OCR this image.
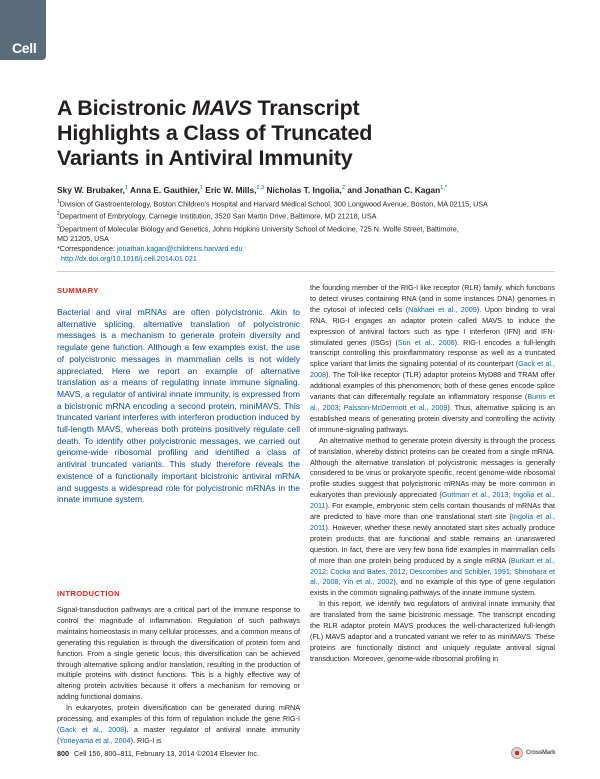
Cell
A Bicistronic MAVS Transcript
Highlights a Class of Truncated
Variants in Antiviral Immunity
Sky W. Brubaker,$^1$ Anna E. Gauthier,$^1$ Eric W. Mills,$^{2,3}$ Nicholas T. Ingolia,$^2$ and Jonathan C. Kagan$^{1,*}$
$^1$Division of Gastroenterology, Boston Children's Hospital and Harvard Medical School, 300 Longwood Avenue, Boston, MA 02115, USA
$^2$Department of Embryology, Carnegie Institution, 3520 San Martin Drive, Baltimore, MD 21218, USA
$^3$Department of Molecular Biology and Genetics, Johns Hopkins University School of Medicine, 725 N. Wolfe Street, Baltimore,
MD 21205, USA
*Correspondence: jonathan.kagan@childrens.harvard.edu
http://dx.doi.org/10.1016/j.cell.2014.01.021
SUMMARY

Bacterial and viral mRNAs are often polycistronic. Akin to alternative splicing, alternative translation of polycistronic messages is a mechanism to generate protein diversity and regulate gene function. Although a few examples exist, the use of polycistronic messages in mammalian cells is not widely appreciated. Here we report an example of alternative translation as a means of regulating innate immune signaling. MAVS, a regulator of antiviral innate immunity, is expressed from a bicistronic mRNA encoding a second protein, miniMAVS. This truncated variant interferes with interferon production induced by full-length MAVS, whereas both proteins positively regulate cell death. To identify other polycistronic messages, we carried out genome-wide ribosomal profiling and identified a class of antiviral truncated variants. This study therefore reveals the existence of a functionally important bicistronic antiviral mRNA and suggests a widespread role for polycistronic mRNAs in the innate immune system.

INTRODUCTION

Signal-transduction pathways are a critical part of the immune response to control the magnitude of inflammation. Regulation of such pathways maintains homeostasis in many cellular processes, and a common means of generating this regulation is through the diversification of protein form and function. From a single genetic locus, this diversification can be achieved through alternative splicing and/or translation, resulting in the production of multiple proteins with distinct functions. This is a highly effective way of altering protein activities because it offers a mechanism for removing or adding functional domains.

In eukaryotes, protein diversification can be generated during mRNA processing, and examples of this form of regulation include the gene RIG-I (Gack et al., 2008), a master regulator of antiviral innate immunity (Yoneyama et al., 2004). RIG-I is

the founding member of the RIG-I like receptor (RLR) family, which functions to detect viruses containing RNA (and in some instances DNA) genomes in the cytosol of infected cells (Nakhaei et al., 2009). Upon binding to viral RNA, RIG-I engages an adaptor protein called MAVS to induce the expression of antiviral factors such as type I interferon (IFN) and IFN-stimulated genes (ISGs) (Sun et al., 2006). RIG-I encodes a full-length transcript controlling this proinflammatory response as well as a truncated splice variant that limits the signaling potential of its counterpart (Gack et al., 2008). The Toll-like receptor (TLR) adaptor proteins MyD88 and TRAM offer additional examples of this phenomenon; both of these genes encode splice variants that can differentially regulate an inflammatory response (Burns et al., 2003; Palsson-McDermott et al., 2009). Thus, alternative splicing is an established means of generating protein diversity and controlling the activity of immune-signaling pathways.

An alternative method to generate protein diversity is through the process of translation, whereby distinct proteins can be created from a single mRNA. Although the alternative translation of polycistronic messages is generally considered to be virus or prokaryote specific, recent genome-wide ribosomal profile studies suggest that polycistronic mRNAs may be more common in eukaryotes than previously appreciated (Guttman et al., 2013; Ingolia et al., 2011). For example, embryonic stem cells contain thousands of mRNAs that are predicted to have more than one translational start site (Ingolia et al., 2011). However, whether these newly annotated start sites actually produce protein products that are functional and stable remains an unanswered question. In fact, there are very few bona fide examples in mammalian cells of more than one protein being produced by a single mRNA (Burkart et al., 2012; Cocka and Bates, 2012; Descombes and Schibler, 1991; Shinohara et al., 2008; Yin et al., 2002), and no example of this type of gene regulation exists in the common signaling pathways of the innate immune system.

In this report, we identify two regulators of antiviral innate immunity that are translated from the same bicistronic message. The transcript encoding the RLR adaptor protein MAVS produces the well-characterized full-length (FL) MAVS adaptor and a truncated variant we refer to as miniMAVS. These proteins are functionally distinct and uniquely regulate antiviral signal transduction. Moreover, genome-wide ribosomal profiling in

800 Cell 156, 800–811, February 13, 2014 ©2014 Elsevier Inc.	CrossMark
